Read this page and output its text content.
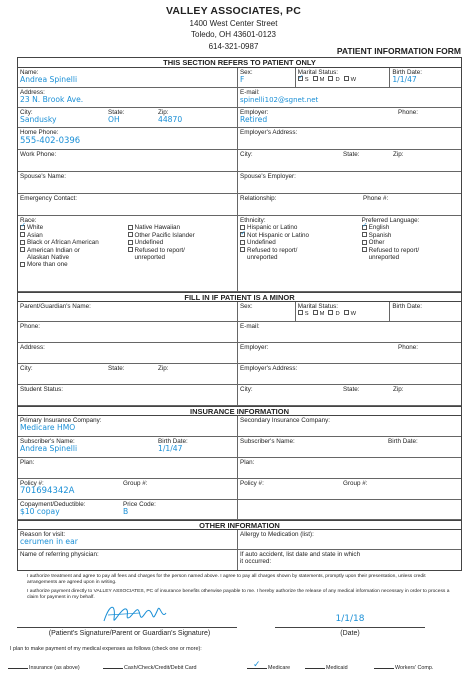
VALLEY ASSOCIATES, PC
1400 West Center Street
Toledo, OH 43601-0123
614-321-0987	PATIENT INFORMATION FORM
THIS SECTION REFERS TO PATIENT ONLY
Name:
Andrea Spinelli
Sex:
F
Marital Status:
✓S M D W
Birth Date:
1/1/47
Address:
23 N. Brook Ave.
E-mail:
spinelli102@sgnet.net
City:
Sandusky
State:
OH
Zip:
44870
Employer:
Retired
Phone:
Home Phone:
555-402-0396
Employer's Address:
Work Phone:	City:	State:	Zip:
Spouse's Name:	Spouse's Employer:
Emergency Contact:	Relationship:	Phone #:
Race:
✓White
Asian
Black or African American
American Indian or
Alaskan Native
More than one
Native Hawaiian
Other Pacific Islander
Undefined
Refused to report/
unreported
Ethnicity:
Hispanic or Latino
✓Not Hispanic or Latino
Undefined
Refused to report/
unreported
Preferred Language:
✓English
Spanish
Other
Refused to report/
unreported
FILL IN IF PATIENT IS A MINOR
Parent/Guardian's Name:	Sex:	Marital Status:
S M D W
Birth Date:
Phone:	E-mail:
Address:	Employer:	Phone:
City:	State:	Zip:	Employer's Address:
Student Status:	City:	State:	Zip:
INSURANCE INFORMATION
Primary Insurance Company:
Medicare HMO
Secondary Insurance Company:
Subscriber's Name:
Andrea Spinelli
Birth Date:
1/1/47
Subscriber's Name:	Birth Date:
Plan:	Plan:
Policy #:
701694342A
Group #:	Policy #:	Group #:
Copayment/Deductible:
$10 copay
Price Code:
B
OTHER INFORMATION
Reason for visit:
cerumen in ear
Allergy to Medication (list):
Name of referring physician:	If auto accident, list date and state in which
it occurred:
I authorize treatment and agree to pay all fees and charges for the person named above. I agree to pay all charges shown by statements, promptly upon their presentation, unless credit arrangements are agreed upon in writing.
I authorize payment directly to VALLEY ASSOCIATES, PC of insurance benefits otherwise payable to me. I hereby authorize the release of any medical information necessary in order to process a claim for payment in my behalf.
1/1/18
(Patient's Signature/Parent or Guardian's Signature)	(Date)
I plan to make payment of my medical expenses as follows (check one or more):
Insurance (as above)	Cash/Check/Credit/Debit Card
✓	Medicare	Medicaid	Workers' Comp.
